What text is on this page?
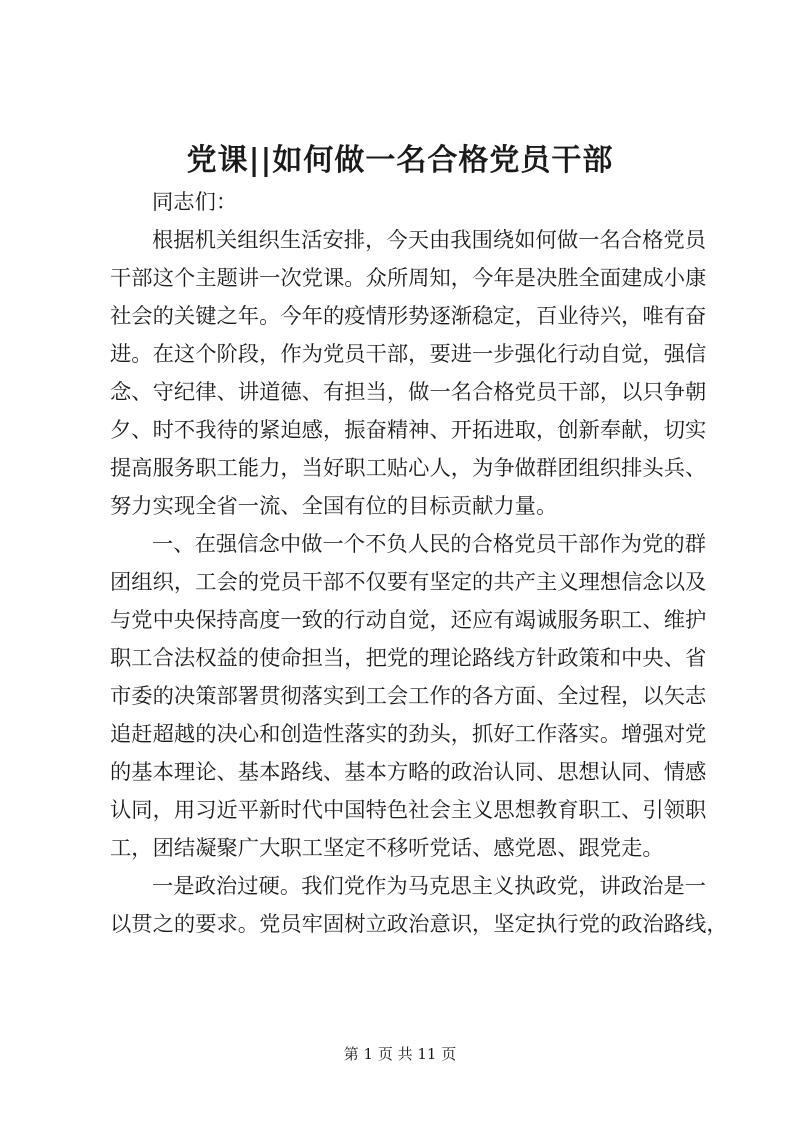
党课||如何做一名合格党员干部
同志们：
根据机关组织生活安排，今天由我围绕如何做一名合格党员
干部这个主题讲一次党课。众所周知，今年是决胜全面建成小康
社会的关键之年。今年的疫情形势逐渐稳定，百业待兴，唯有奋
进。在这个阶段，作为党员干部，要进一步强化行动自觉，强信
念、守纪律、讲道德、有担当，做一名合格党员干部，以只争朝
夕、时不我待的紧迫感，振奋精神、开拓进取，创新奉献，切实
提高服务职工能力，当好职工贴心人，为争做群团组织排头兵、
努力实现全省一流、全国有位的目标贡献力量。
一、在强信念中做一个不负人民的合格党员干部作为党的群
团组织，工会的党员干部不仅要有坚定的共产主义理想信念以及
与党中央保持高度一致的行动自觉，还应有竭诚服务职工、维护
职工合法权益的使命担当，把党的理论路线方针政策和中央、省
市委的决策部署贯彻落实到工会工作的各方面、全过程，以矢志
追赶超越的决心和创造性落实的劲头，抓好工作落实。增强对党
的基本理论、基本路线、基本方略的政治认同、思想认同、情感
认同，用习近平新时代中国特色社会主义思想教育职工、引领职
工，团结凝聚广大职工坚定不移听党话、感党恩、跟党走。
一是政治过硬。我们党作为马克思主义执政党，讲政治是一
以贯之的要求。党员牢固树立政治意识，坚定执行党的政治路线，
第 1 页 共 11 页
